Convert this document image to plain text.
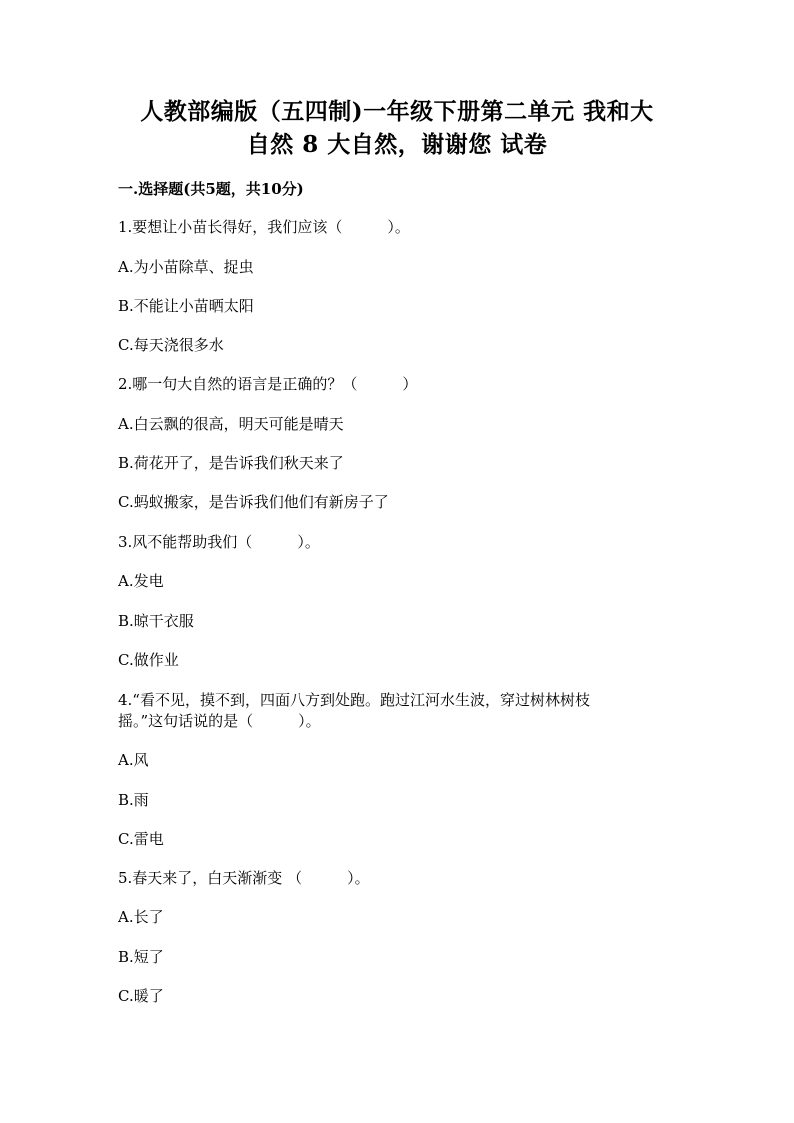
人教部编版（五四制)一年级下册第二单元 我和大
自然 8 大自然，谢谢您 试卷
一.选择题(共5题，共10分)
1.要想让小苗长得好，我们应该（　　　）。
A.为小苗除草、捉虫
B.不能让小苗晒太阳
C.每天浇很多水
2.哪一句大自然的语言是正确的？（　　　）
A.白云飘的很高，明天可能是晴天
B.荷花开了，是告诉我们秋天来了
C.蚂蚁搬家，是告诉我们他们有新房子了
3.风不能帮助我们（　　　）。
A.发电
B.晾干衣服
C.做作业
4.“看不见，摸不到，四面八方到处跑。跑过江河水生波，穿过树林树枝
摇。”这句话说的是（　　　）。
A.风
B.雨
C.雷电
5.春天来了，白天渐渐变 （　　　）。
A.长了
B.短了
C.暖了
